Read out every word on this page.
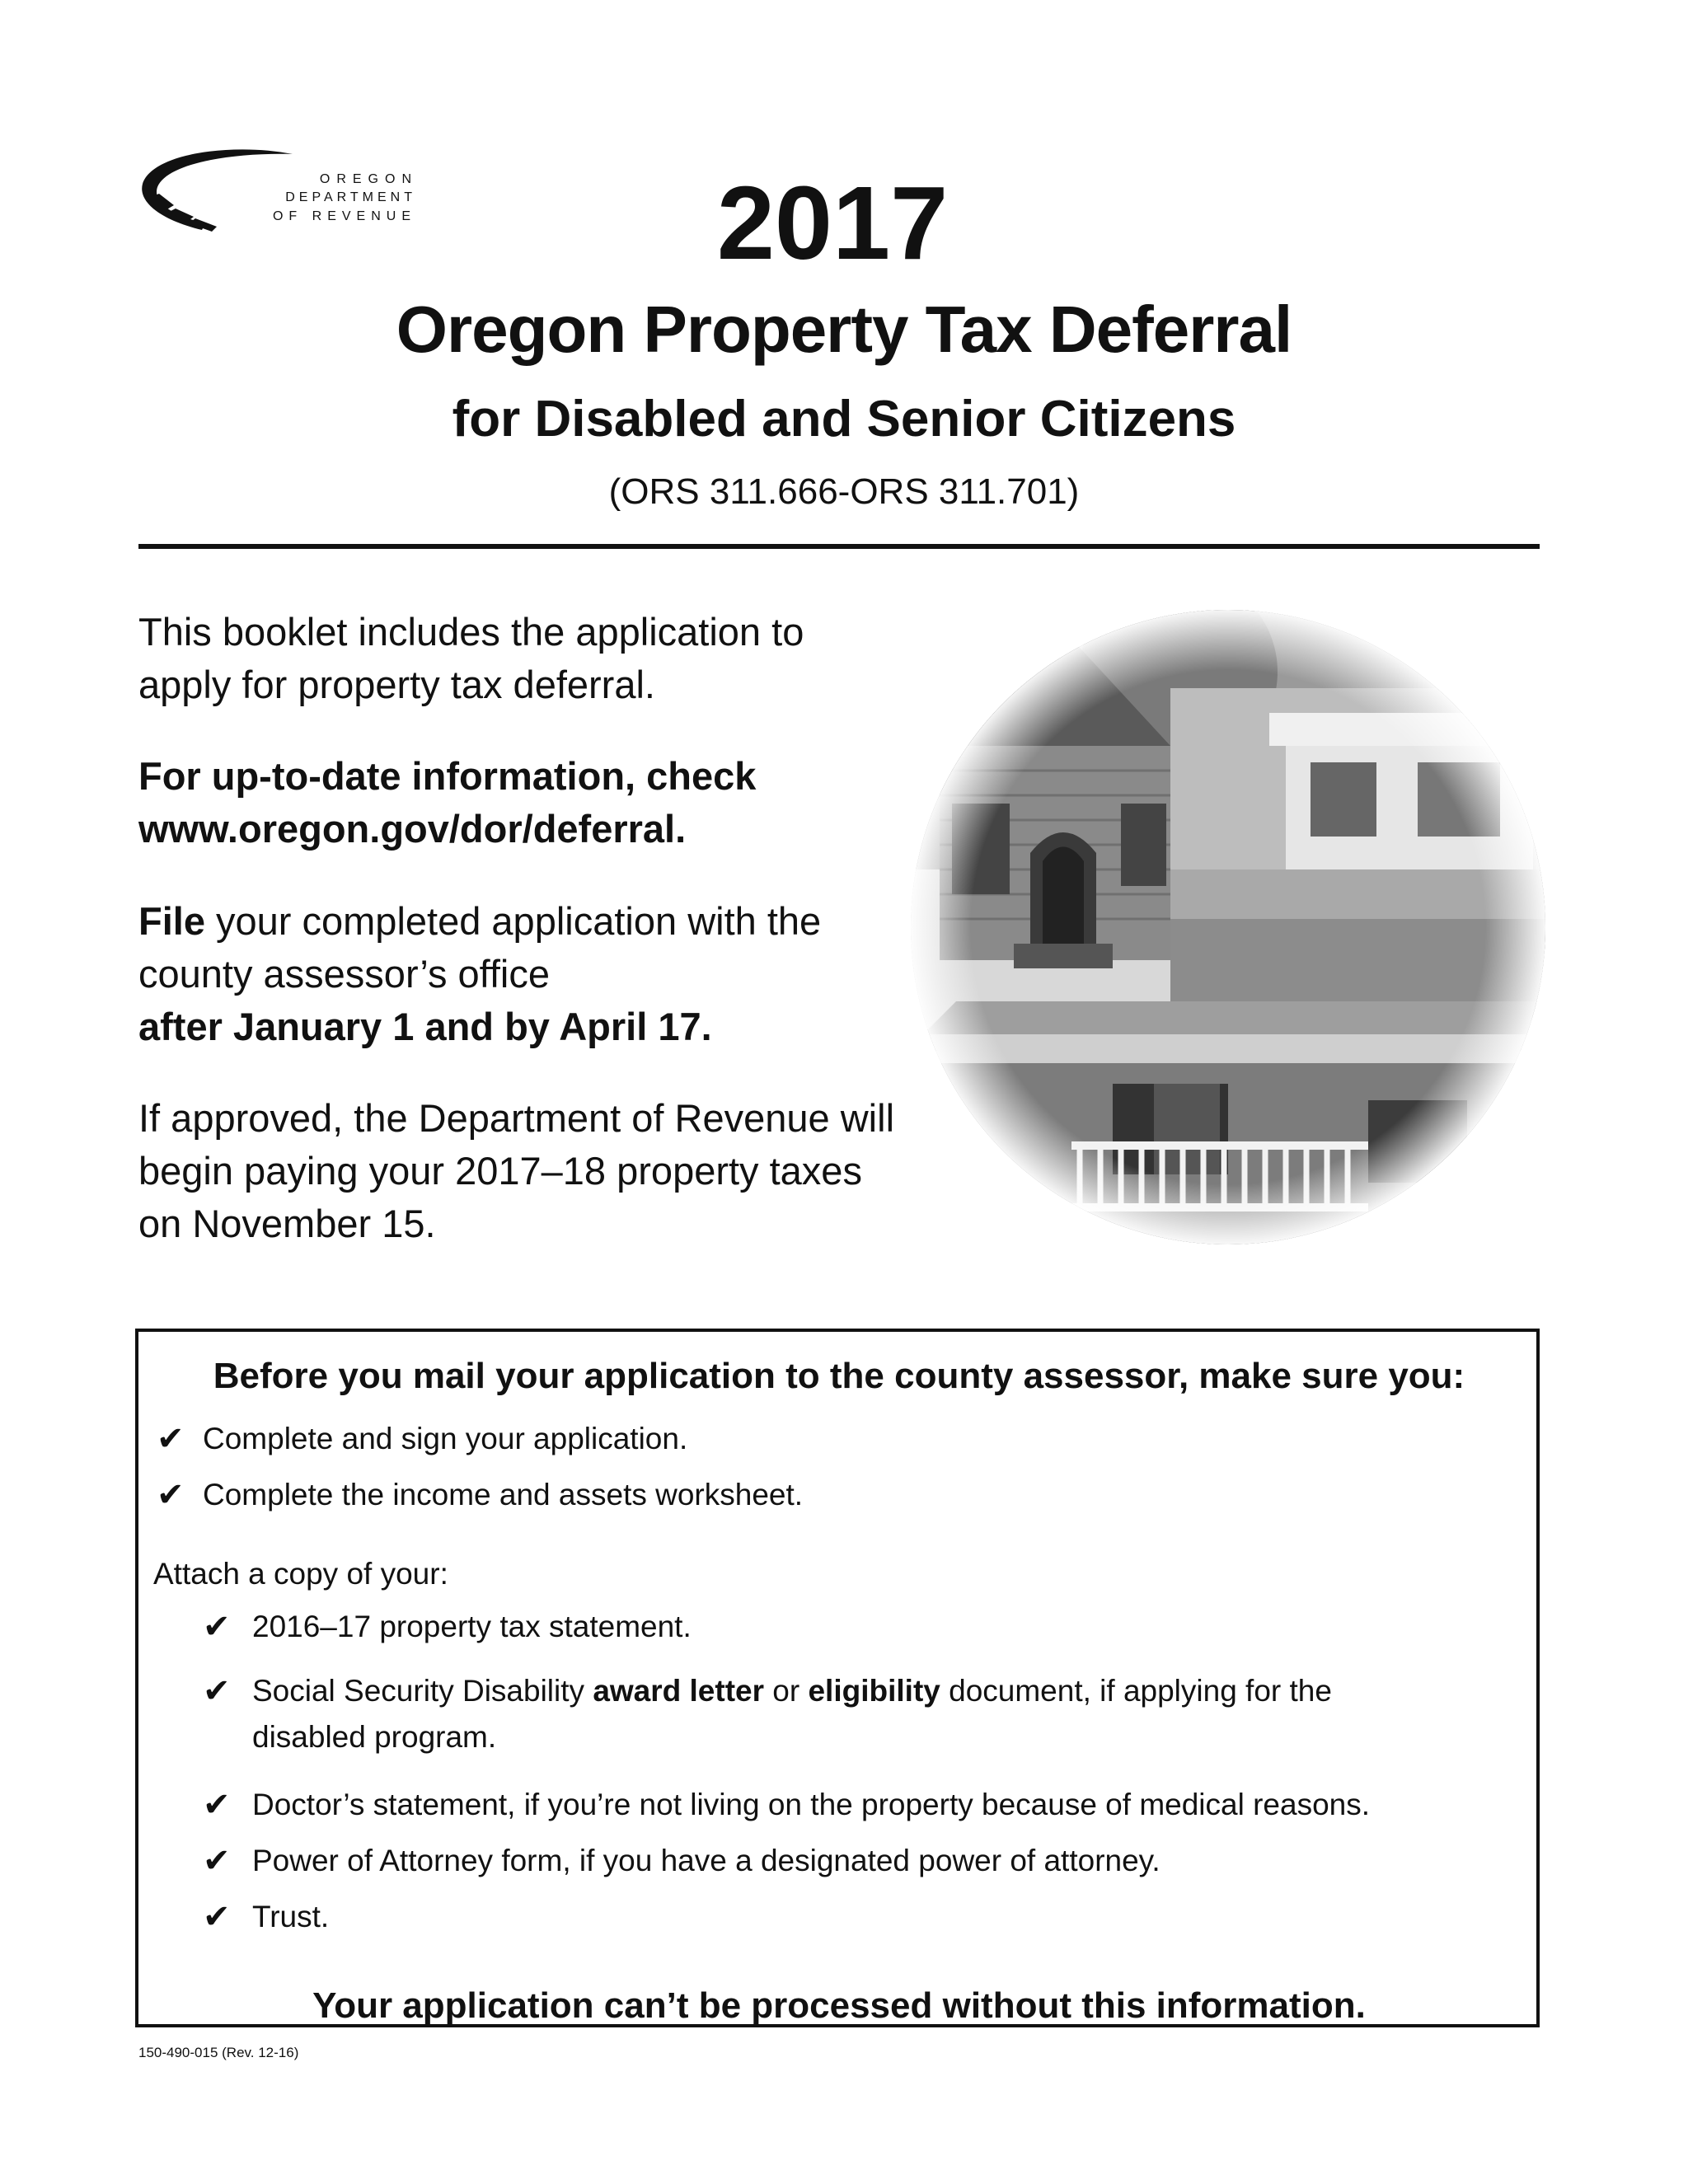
OREGON
DEPARTMENT
OF REVENUE	2017
Oregon Property Tax Deferral
for Disabled and Senior Citizens
(ORS 311.666-ORS 311.701)
This booklet includes the application to apply for property tax deferral.
For up-to-date information, check www.oregon.gov/dor/deferral.
File your completed application with the county assessor’s office
after January 1 and by April 17.
If approved, the Department of Revenue will begin paying your 2017–18 property taxes on November 15.
Before you mail your application to the county assessor, make sure you:
✔ Complete and sign your application.
✔ Complete the income and assets worksheet.
Attach a copy of your:
✔ 2016–17 property tax statement.
✔ Social Security Disability award letter or eligibility document, if applying for the
disabled program.
✔ Doctor’s statement, if you’re not living on the property because of medical reasons.
✔ Power of Attorney form, if you have a designated power of attorney.
✔ Trust.
Your application can’t be processed without this information.
150-490-015 (Rev. 12-16)
